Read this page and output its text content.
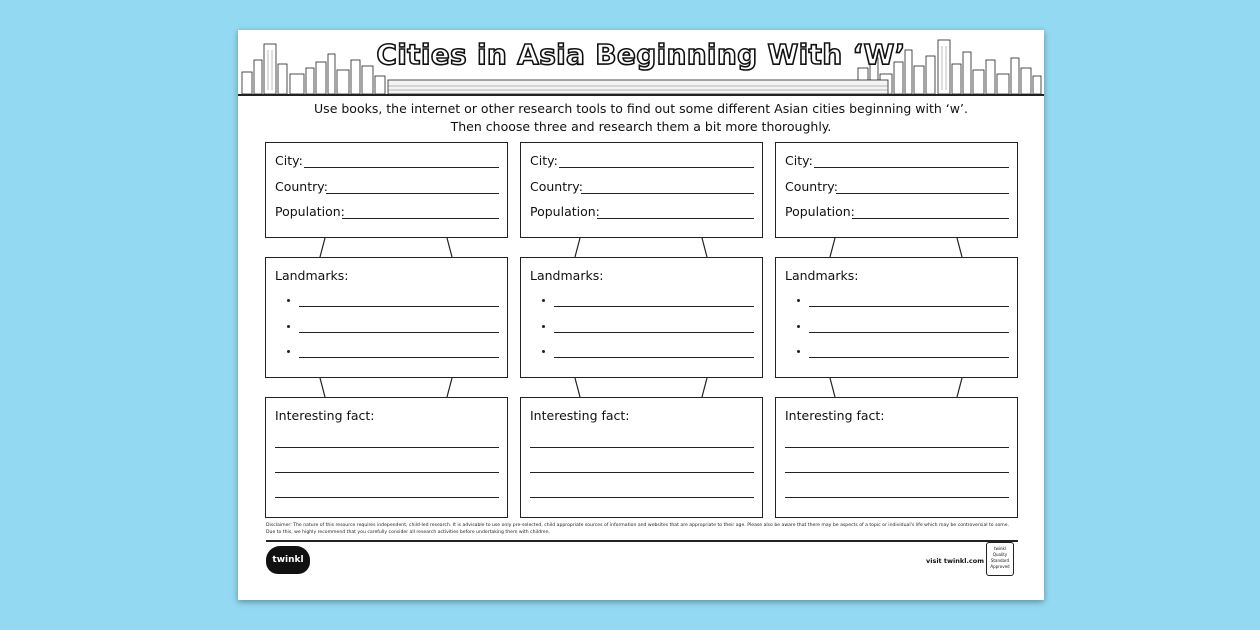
Cities in Asia Beginning With ‘W’
Use books, the internet or other research tools to find out some different Asian cities beginning with ‘w’.
Then choose three and research them a bit more thoroughly.
City:
Country:
Population:
Landmarks:
Interesting fact:
City:
Country:
Population:
Landmarks:
Interesting fact:
City:
Country:
Population:
Landmarks:
Interesting fact:
Disclaimer: The nature of this resource requires independent, child-led research. It is advisable to use only pre-selected, child appropriate sources of information and websites that are appropriate to their age. Please also be aware that there may be aspects of a topic or individual's life which may be controversial to some. Due to this, we highly recommend that you carefully consider all research activities before undertaking them with children.
twinkl	visit twinkl.com
twinkl Quality Standard Approved
